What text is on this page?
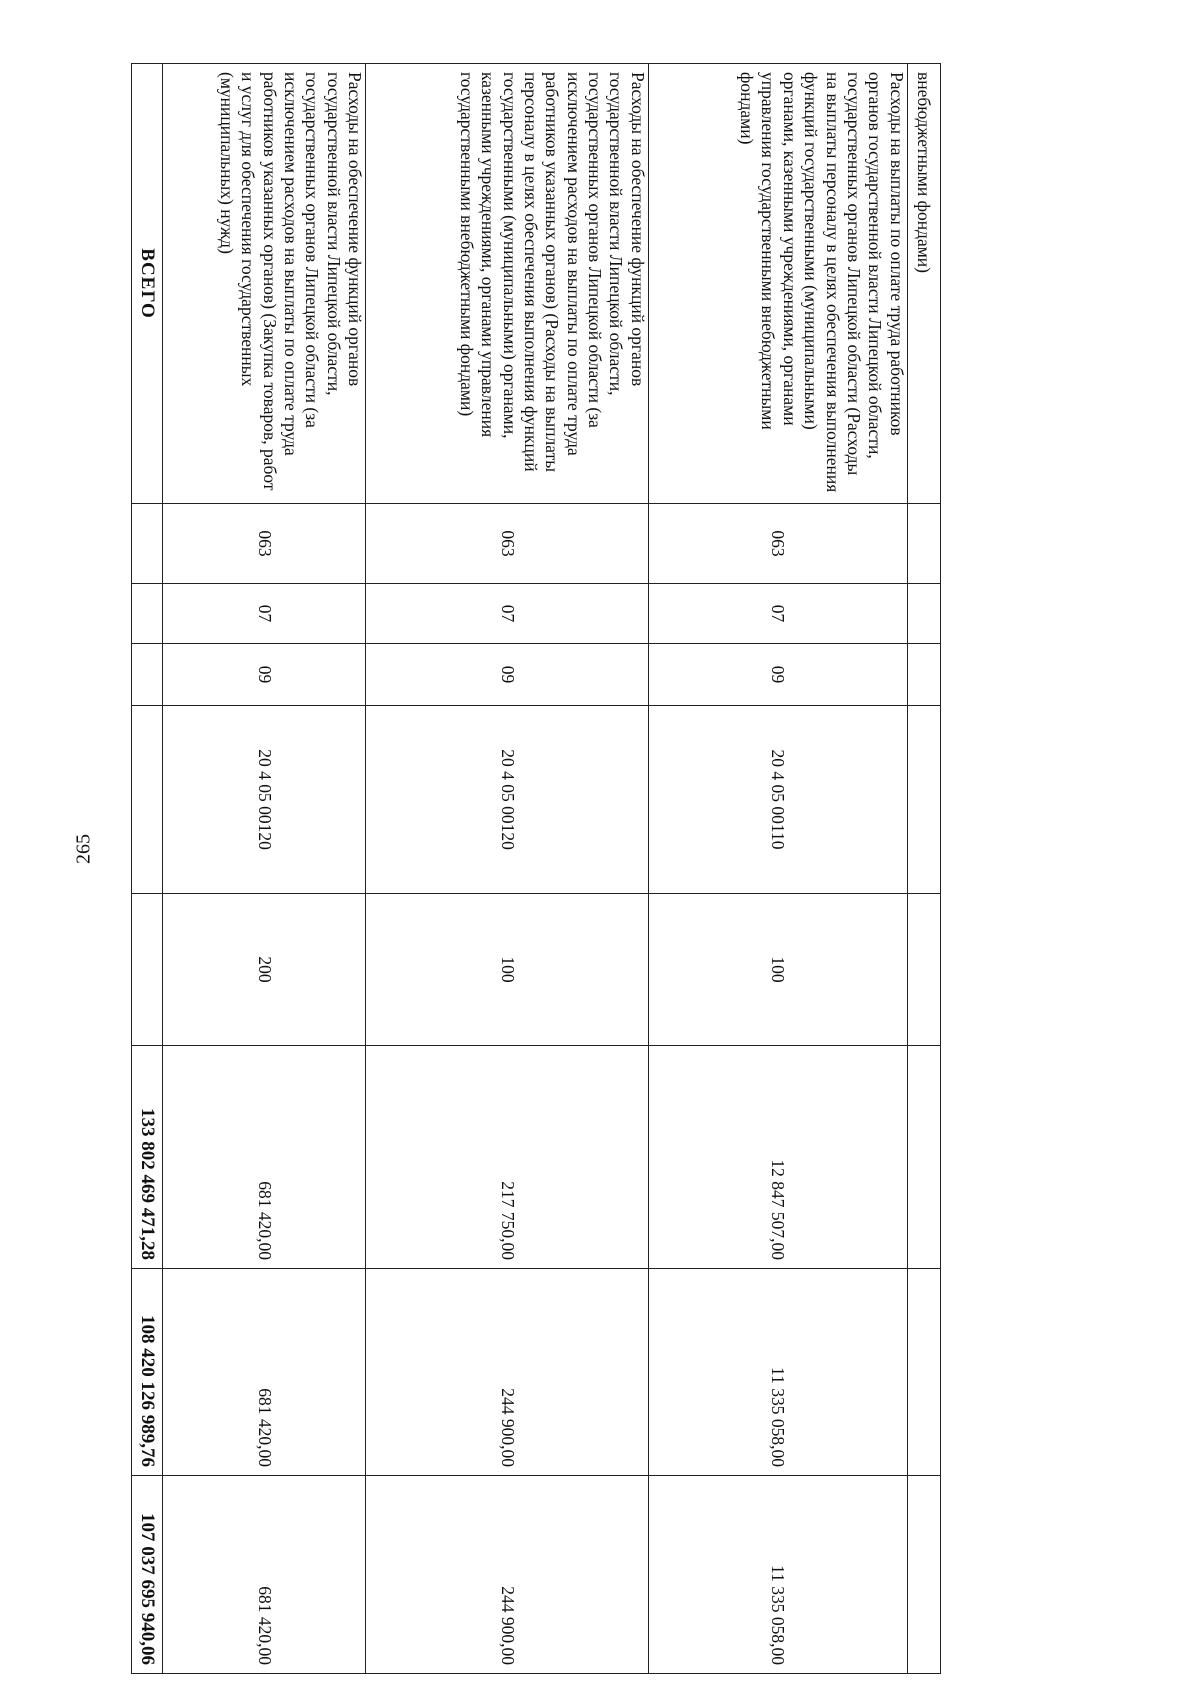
265
внебюджетными фондами)								
Расходы на выплаты по оплате труда работников органов государственной власти Липецкой области, государственных органов Липецкой области (Расходы на выплаты персоналу в целях обеспечения выполнения функций государственными (муниципальными) органами, казенными учреждениями, органами управления государственными внебюджетными фондами)	063	07	09	20 4 05 00110	100	12 847 507,00	11 335 058,00	11 335 058,00
Расходы на обеспечение функций органов государственной власти Липецкой области, государственных органов Липецкой области (за исключением расходов на выплаты по оплате труда работников указанных органов) (Расходы на выплаты персоналу в целях обеспечения выполнения функций государственными (муниципальными) органами, казенными учреждениями, органами управления государственными внебюджетными фондами)	063	07	09	20 4 05 00120	100	217 750,00	244 900,00	244 900,00
Расходы на обеспечение функций органов государственной власти Липецкой области, государственных органов Липецкой области (за исключением расходов на выплаты по оплате труда работников указанных органов) (Закупка товаров, работ и услуг для обеспечения государственных (муниципальных) нужд)	063	07	09	20 4 05 00120	200	681 420,00	681 420,00	681 420,00
ВСЕГО						133 802 469 471,28	108 420 126 989,76	107 037 695 940,06
